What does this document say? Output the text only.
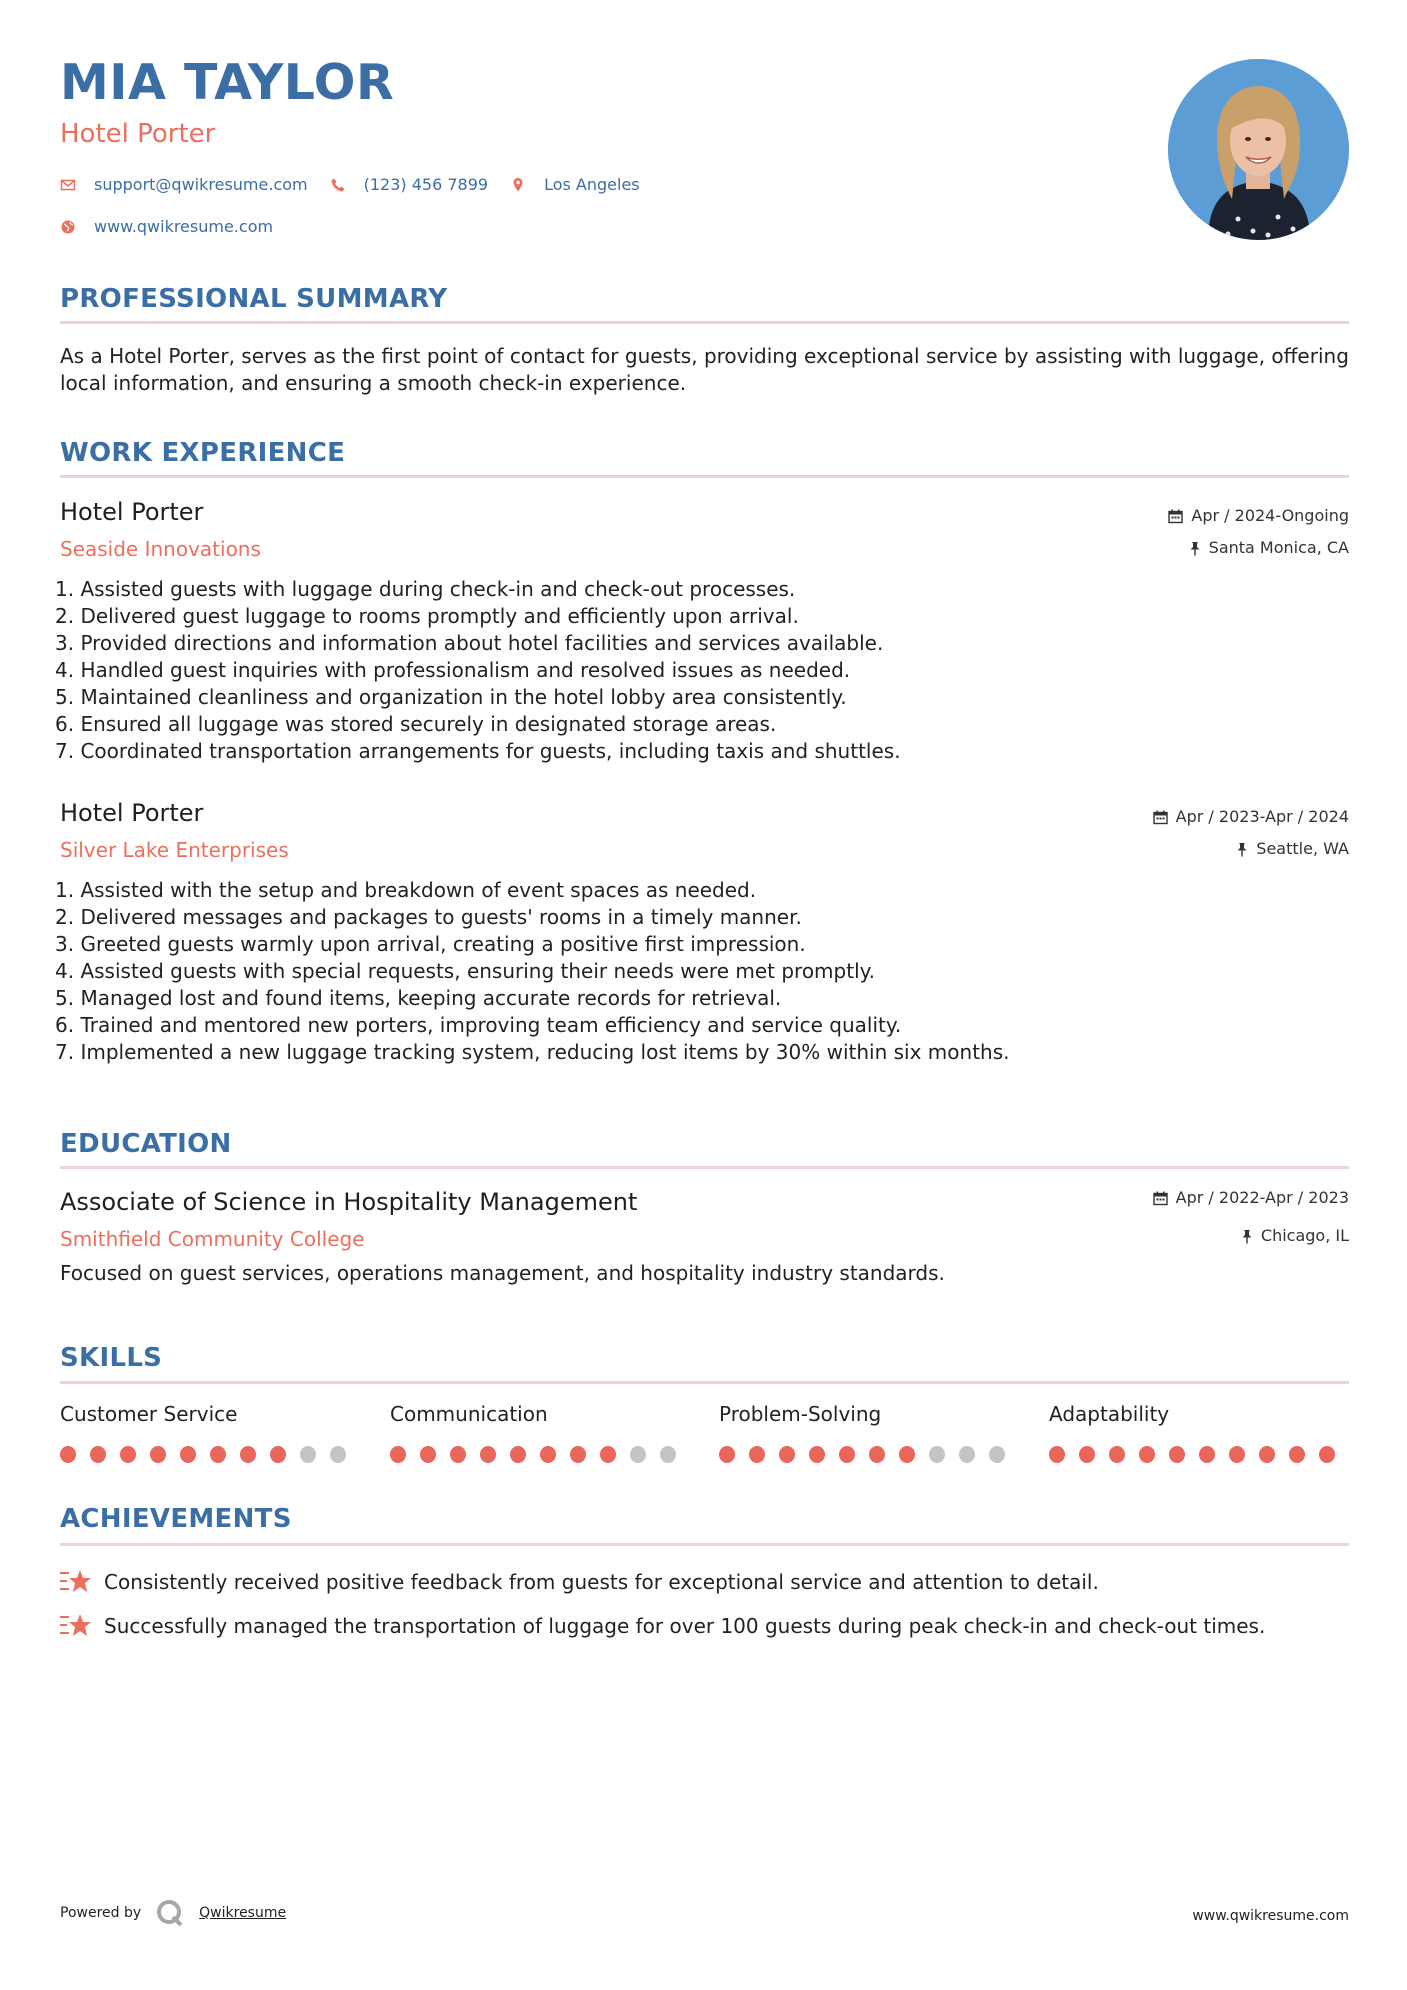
MIA TAYLOR
Hotel Porter
support@qwikresume.com	(123) 456 7899	Los Angeles
www.qwikresume.com
PROFESSIONAL SUMMARY
As a Hotel Porter, serves as the first point of contact for guests, providing exceptional service by assisting with luggage, offering local information, and ensuring a smooth check-in experience.
WORK EXPERIENCE
Hotel Porter
Seaside Innovations
Apr / 2024-Ongoing
Santa Monica, CA
1. Assisted guests with luggage during check-in and check-out processes.
2. Delivered guest luggage to rooms promptly and efficiently upon arrival.
3. Provided directions and information about hotel facilities and services available.
4. Handled guest inquiries with professionalism and resolved issues as needed.
5. Maintained cleanliness and organization in the hotel lobby area consistently.
6. Ensured all luggage was stored securely in designated storage areas.
7. Coordinated transportation arrangements for guests, including taxis and shuttles.
Hotel Porter
Silver Lake Enterprises
Apr / 2023-Apr / 2024
Seattle, WA
1. Assisted with the setup and breakdown of event spaces as needed.
2. Delivered messages and packages to guests' rooms in a timely manner.
3. Greeted guests warmly upon arrival, creating a positive first impression.
4. Assisted guests with special requests, ensuring their needs were met promptly.
5. Managed lost and found items, keeping accurate records for retrieval.
6. Trained and mentored new porters, improving team efficiency and service quality.
7. Implemented a new luggage tracking system, reducing lost items by 30% within six months.
EDUCATION
Associate of Science in Hospitality Management
Smithfield Community College
Apr / 2022-Apr / 2023
Chicago, IL
Focused on guest services, operations management, and hospitality industry standards.
SKILLS
Customer Service	Communication	Problem-Solving	Adaptability
ACHIEVEMENTS
Consistently received positive feedback from guests for exceptional service and attention to detail.
Successfully managed the transportation of luggage for over 100 guests during peak check-in and check-out times.
Powered by	Qwikresume	www.qwikresume.com
